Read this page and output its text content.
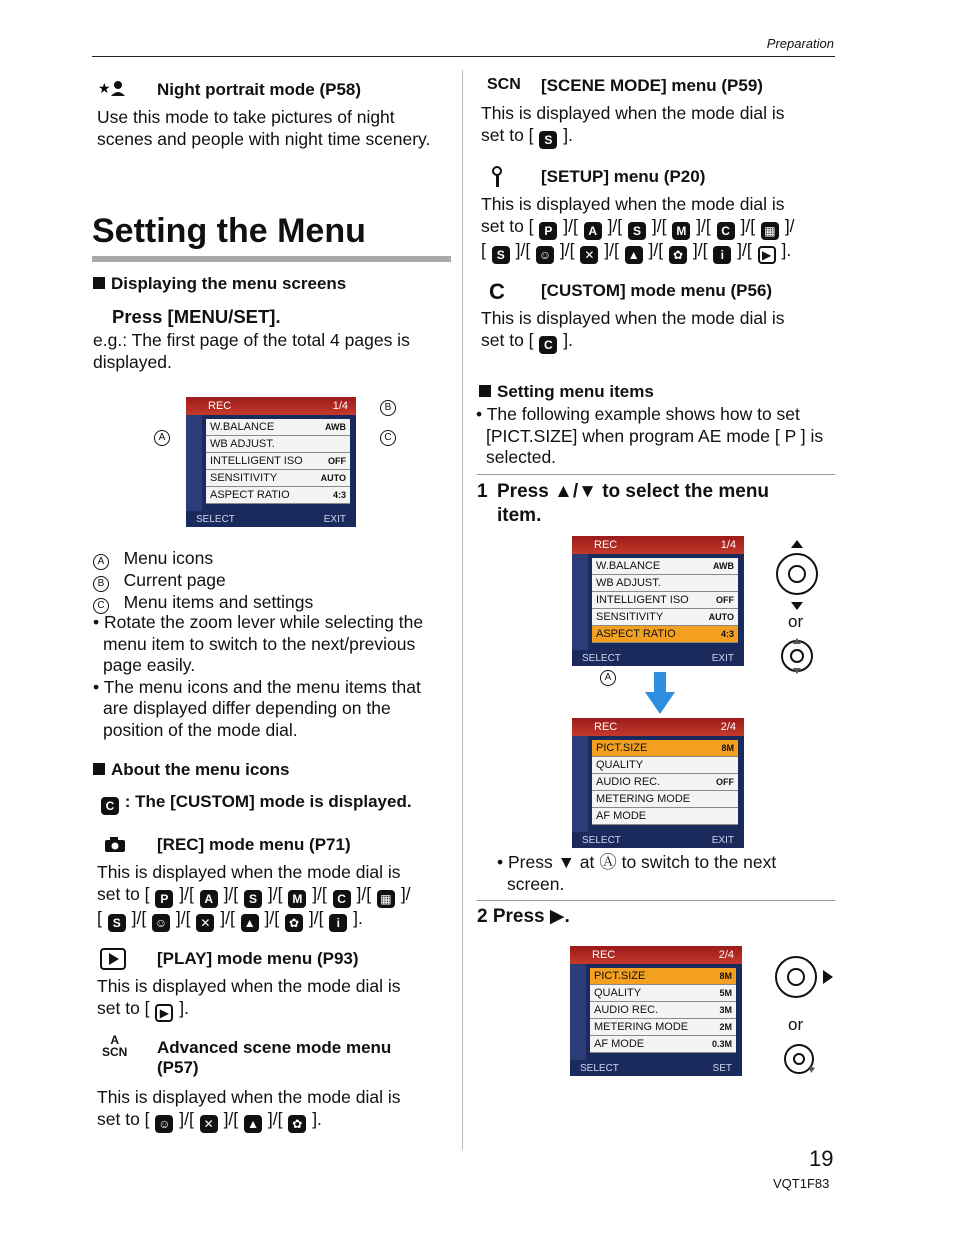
Preparation
★	Night portrait mode (P58)
Use this mode to take pictures of night scenes and people with night time scenery.
Setting the Menu
Displaying the menu screens
Press [MENU/SET].
e.g.: The first page of the total 4 pages is displayed.
REC	1/4
W.BALANCE	AWB
WB ADJUST.
INTELLIGENT ISO	OFF
SENSITIVITY	AUTO
ASPECT RATIO	4:3
SELECT	EXIT
A
B
C
A Menu icons
B Current page
C Menu items and settings
• Rotate the zoom lever while selecting the menu item to switch to the next/previous page easily.
• The menu icons and the menu items that are displayed differ depending on the position of the mode dial.
About the menu icons
C : The [CUSTOM] mode is displayed.
[REC] mode menu (P71)
This is displayed when the mode dial is
set to [ P ]/[ A ]/[ S ]/[ M ]/[ C ]/[ ▦ ]/
[ S ]/[ ☺ ]/[ ✕ ]/[ ▲ ]/[ ✿ ]/[ i ].
[PLAY] mode menu (P93)
This is displayed when the mode dial is
set to [ ▶ ].
A
SCN Advanced scene mode menu (P57)
This is displayed when the mode dial is
set to [ ☺ ]/[ ✕ ]/[ ▲ ]/[ ✿ ].
SCN [SCENE MODE] menu (P59)
This is displayed when the mode dial is
set to [ S ].
[SETUP] menu (P20)
This is displayed when the mode dial is
set to [ P ]/[ A ]/[ S ]/[ M ]/[ C ]/[ ▦ ]/
[ S ]/[ ☺ ]/[ ✕ ]/[ ▲ ]/[ ✿ ]/[ i ]/[ ▶ ].
C [CUSTOM] mode menu (P56)
This is displayed when the mode dial is
set to [ C ].
Setting menu items
• The following example shows how to set [PICT.SIZE] when program AE mode [ P ] is selected.
1 Press ▲/▼ to select the menu item.
REC	1/4
W.BALANCE	AWB
WB ADJUST.
INTELLIGENT ISO	OFF
SENSITIVITY	AUTO
ASPECT RATIO	4:3
SELECT	EXIT
A
or
REC	2/4
PICT.SIZE	8M
QUALITY
AUDIO REC.	OFF
METERING MODE
AF MODE
SELECT	EXIT
• Press ▼ at Ⓐ to switch to the next screen.
2 Press ▶.
REC	2/4
PICT.SIZE	8M
QUALITY	5M
AUDIO REC.	3M
METERING MODE	2M
AF MODE	0.3M
SELECT	SET
or
19
VQT1F83
